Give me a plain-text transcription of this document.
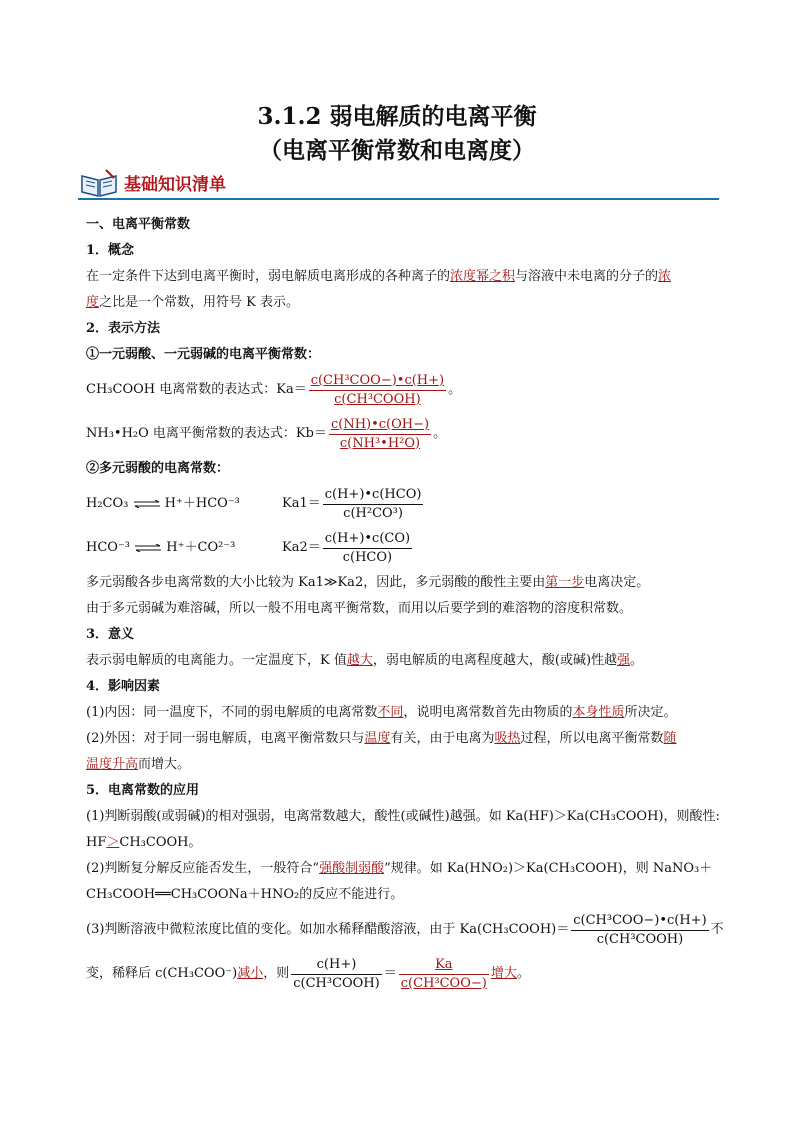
3.1.2 弱电解质的电离平衡
（电离平衡常数和电离度）
基础知识清单

一、电离平衡常数

1．概念

在一定条件下达到电离平衡时，弱电解质电离形成的各种离子的浓度幂之积与溶液中未电离的分子的浓

度之比是一个常数，用符号 K 表示。

2．表示方法

①一元弱酸、一元弱碱的电离平衡常数：

CH₃COOH 电离常数的表达式：$Ka= \frac{\text{c(CH³COO−)•c(H+)}}{\text{c(CH³COOH)}}$ 。
NH₃•H₂O 电离平衡常数的表达式：$Kb= \frac{c(NH)•c(OH-)}{\text{c(NH³•H²O)}}$ 。

②多元弱酸的电离常数：

H₂CO₃ ⇌ H⁺＋HCO⁻³	$Ka1= \frac{\text{c(H+)•c(HCO)}}{\text{c(H²CO³)}}$
HCO⁻³ ⇌ H⁺＋CO²⁻³	$Ka2= \frac{c(H+)•c(CO)}{\text{c(HCO)}}$

多元弱酸各步电离常数的大小比较为 Ka1≫Ka2，因此，多元弱酸的酸性主要由第一步电离决定。

由于多元弱碱为难溶碱，所以一般不用电离平衡常数，而用以后要学到的难溶物的溶度积常数。

3．意义

表示弱电解质的电离能力。一定温度下，K 值越大，弱电解质的电离程度越大，酸(或碱)性越强。

4．影响因素

(1)内因：同一温度下，不同的弱电解质的电离常数不同，说明电离常数首先由物质的本身性质所决定。

(2)外因：对于同一弱电解质，电离平衡常数只与温度有关，由于电离为吸热过程，所以电离平衡常数随

温度升高而增大。

5．电离常数的应用

(1)判断弱酸(或弱碱)的相对强弱，电离常数越大，酸性(或碱性)越强。如 Ka(HF)＞Ka(CH₃COOH)，则酸性:

HF＞CH₃COOH。

(2)判断复分解反应能否发生，一般符合“强酸制弱酸”规律。如 Ka(HNO₂)＞Ka(CH₃COOH)，则 NaNO₃＋

CH₃COOH══CH₃COONa＋HNO₂的反应不能进行。

(3)判断溶液中微粒浓度比值的变化。如加水稀释醋酸溶液，由于 Ka(CH₃COOH)＝ $\frac{\text{c(CH³COO−)•c(H+)}}{\text{c(CH³COOH)}}$ 不
变，稀释后 c(CH₃COO⁻) 减小 ，则 $\frac{c(H+)}{\text{c(CH³COOH)}} = \frac{Ka}{\text{c(CH³COO−)}}$ 增大 。
